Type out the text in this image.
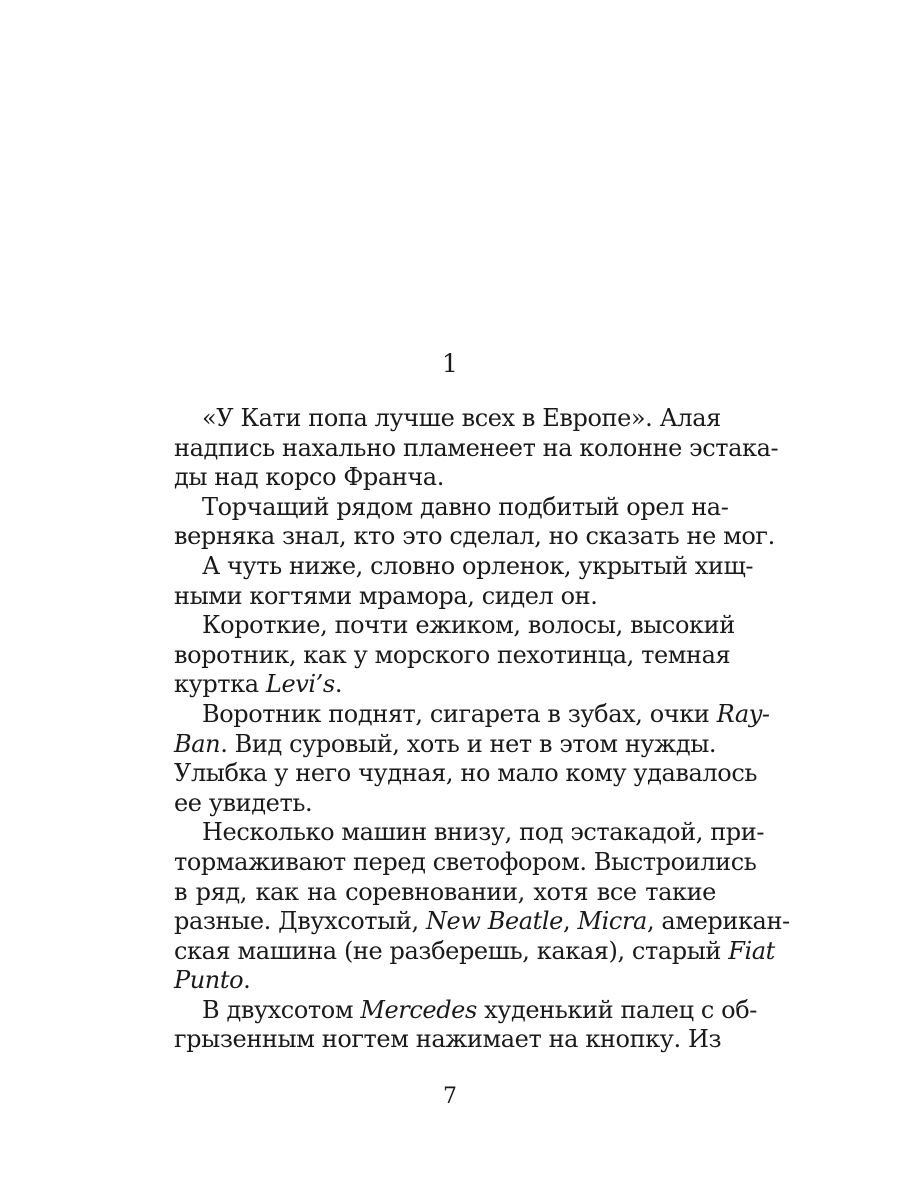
1

«У Кати попа лучше всех в Европе». Алая
надпись нахально пламенеет на колонне эстака-
ды над корсо Франча.

Торчащий рядом давно подбитый орел на-
верняка знал, кто это сделал, но сказать не мог.

А чуть ниже, словно орленок, укрытый хищ-
ными когтями мрамора, сидел он.

Короткие, почти ежиком, волосы, высокий
воротник, как у морского пехотинца, темная
куртка Levi’s.

Воротник поднят, сигарета в зубах, очки Ray-
Ban. Вид суровый, хоть и нет в этом нужды.
Улыбка у него чудная, но мало кому удавалось
ее увидеть.

Несколько машин внизу, под эстакадой, при-
тормаживают перед светофором. Выстроились
в ряд, как на соревновании, хотя все такие
разные. Двухсотый, New Beatle, Micra, американ-
ская машина (не разберешь, какая), старый Fiat
Punto.

В двухсотом Mercedes худенький палец с об-
грызенным ногтем нажимает на кнопку. Из

7
